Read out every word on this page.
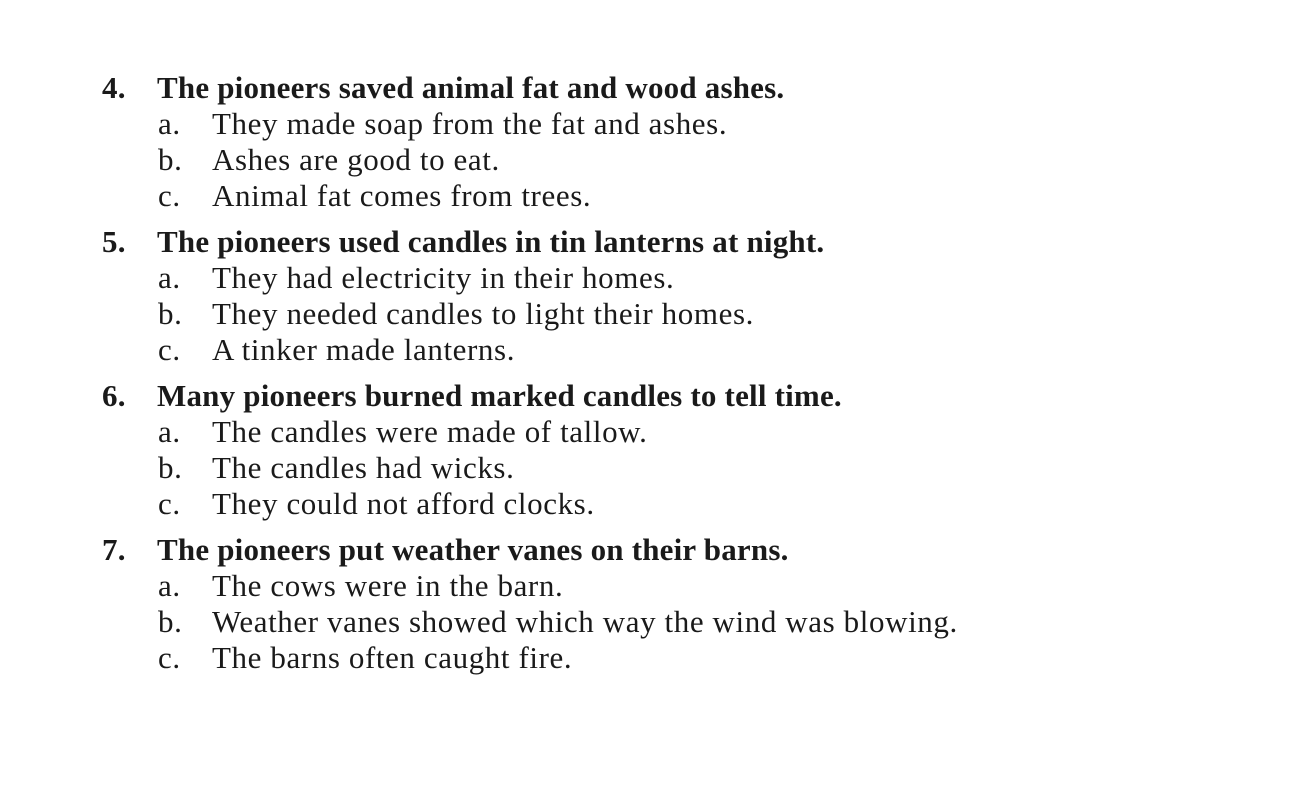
4. The pioneers saved animal fat and wood ashes.
a. They made soap from the fat and ashes.
b. Ashes are good to eat.
c. Animal fat comes from trees.
5. The pioneers used candles in tin lanterns at night.
a. They had electricity in their homes.
b. They needed candles to light their homes.
c. A tinker made lanterns.
6. Many pioneers burned marked candles to tell time.
a. The candles were made of tallow.
b. The candles had wicks.
c. They could not afford clocks.
7. The pioneers put weather vanes on their barns.
a. The cows were in the barn.
b. Weather vanes showed which way the wind was blowing.
c. The barns often caught fire.
